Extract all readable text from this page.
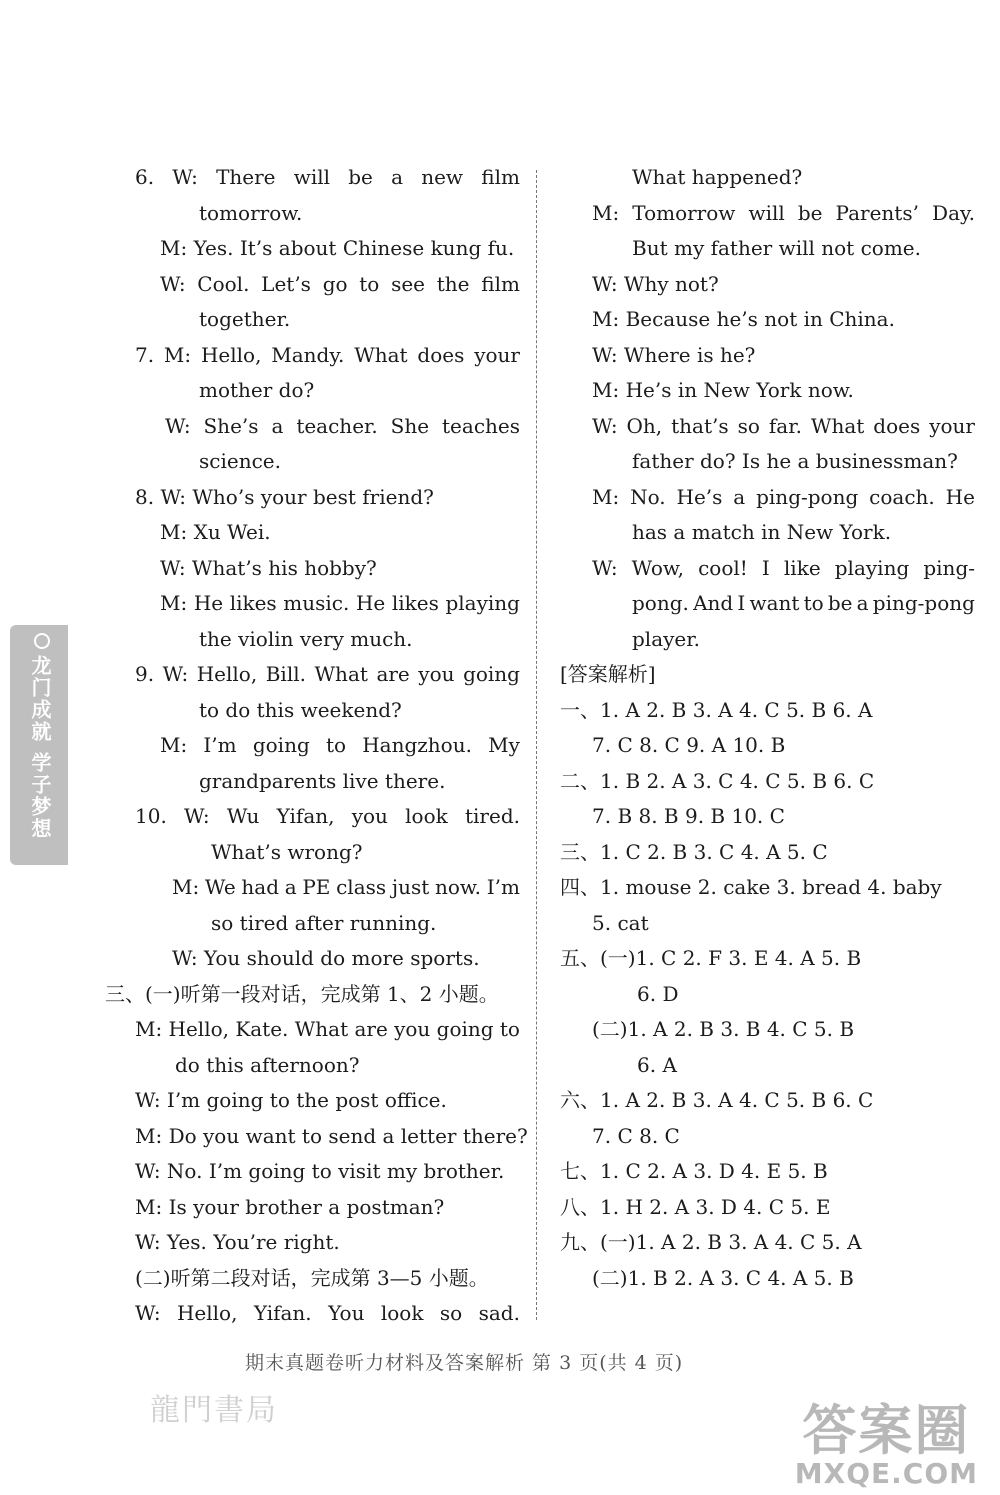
龙门成就 学子梦想
6. W: There will be a new film
tomorrow.
M: Yes. It’s about Chinese kung fu.
W: Cool. Let’s go to see the film
together.
7. M: Hello, Mandy. What does your
mother do?
W: She’s a teacher. She teaches
science.
8. W: Who’s your best friend?
M: Xu Wei.
W: What’s his hobby?
M: He likes music. He likes playing
the violin very much.
9. W: Hello, Bill. What are you going
to do this weekend?
M: I’m going to Hangzhou. My
grandparents live there.
10. W: Wu Yifan, you look tired.
What’s wrong?
M: We had a PE class just now. I’m
so tired after running.
W: You should do more sports.
三、(一)听第一段对话，完成第 1、2 小题。
M: Hello, Kate. What are you going to
do this afternoon?
W: I’m going to the post office.
M: Do you want to send a letter there?
W: No. I’m going to visit my brother.
M: Is your brother a postman?
W: Yes. You’re right.
(二)听第二段对话，完成第 3—5 小题。
W: Hello, Yifan. You look so sad.
What happened?
M: Tomorrow will be Parents’ Day.
But my father will not come.
W: Why not?
M: Because he’s not in China.
W: Where is he?
M: He’s in New York now.
W: Oh, that’s so far. What does your
father do? Is he a businessman?
M: No. He’s a ping-pong coach. He
has a match in New York.
W: Wow, cool! I like playing ping-
pong. And I want to be a ping-pong
player.
[答案解析]
一、1. A 2. B 3. A 4. C 5. B 6. A
7. C 8. C 9. A 10. B
二、1. B 2. A 3. C 4. C 5. B 6. C
7. B 8. B 9. B 10. C
三、1. C 2. B 3. C 4. A 5. C
四、1. mouse 2. cake 3. bread 4. baby
5. cat
五、(一)1. C 2. F 3. E 4. A 5. B
6. D
(二)1. A 2. B 3. B 4. C 5. B
6. A
六、1. A 2. B 3. A 4. C 5. B 6. C
7. C 8. C
七、1. C 2. A 3. D 4. E 5. B
八、1. H 2. A 3. D 4. C 5. E
九、(一)1. A 2. B 3. A 4. C 5. A
(二)1. B 2. A 3. C 4. A 5. B
期末真题卷听力材料及答案解析 第 3 页(共 4 页)
龍門書局	答案圈
MXQE.COM
